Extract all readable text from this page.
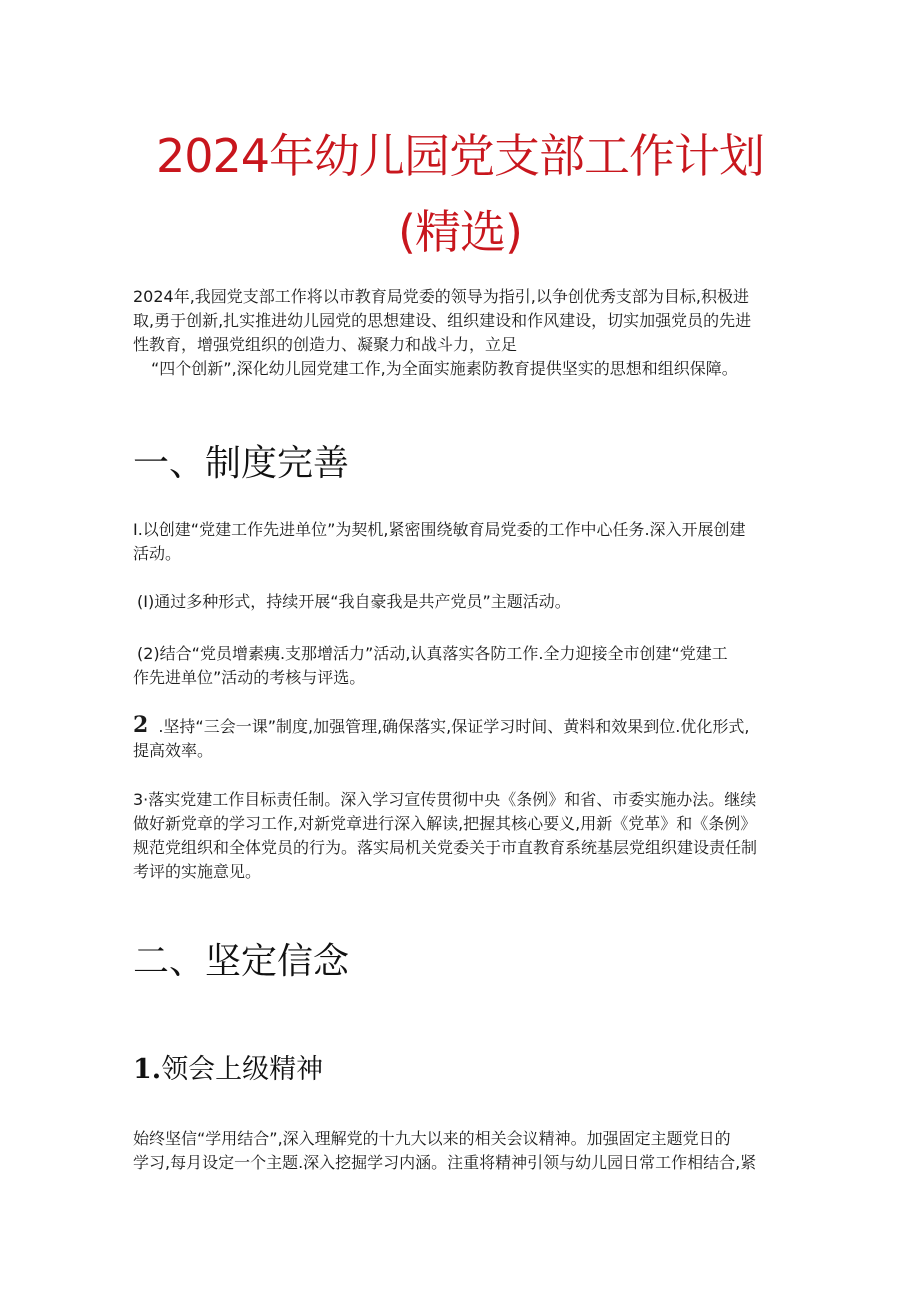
2024年幼儿园党支部工作计划
(精选)

2024年,我园党支部工作将以市教育局党委的领导为指引,以争创优秀支部为目标,积极进
取,勇于创新,扎实推进幼儿园党的思想建设、组织建设和作风建设，切实加强党员的先进
性教育，增强党组织的创造力、凝聚力和战斗力，立足
“四个创新”,深化幼儿园党建工作,为全面实施素防教育提供坚实的思想和组织保障。

一、制度完善

I.以创建“党建工作先进单位”为契机,紧密围绕敏育局党委的工作中心任务.深入开展创建
活动。

(I)通过多种形式，持续开展“我自豪我是共产党员”主题活动。

(2)结合“党员增素痍.支那增活力”活动,认真落实各防工作.全力迎接全市创建“党建工
作先进单位”活动的考核与评选。

2 .坚持“三会一课”制度,加强管理,确保落实,保证学习时间、黄料和效果到位.优化形式,
提高效率。

3·落实党建工作目标责任制。深入学习宣传贯彻中央《条例》和省、市委实施办法。继续
做好新党章的学习工作,对新党章进行深入解读,把握其核心要义,用新《党革》和《条例》
规范党组织和全体党员的行为。落实局机关党委关于市直教育系统基层党组织建设责任制
考评的实施意见。

二、坚定信念
1.领会上级精神

始终坚信“学用结合”,深入理解党的十九大以来的相关会议精神。加强固定主题党日的
学习,每月设定一个主题.深入挖掘学习内涵。注重将精神引领与幼儿园日常工作相结合,紧
